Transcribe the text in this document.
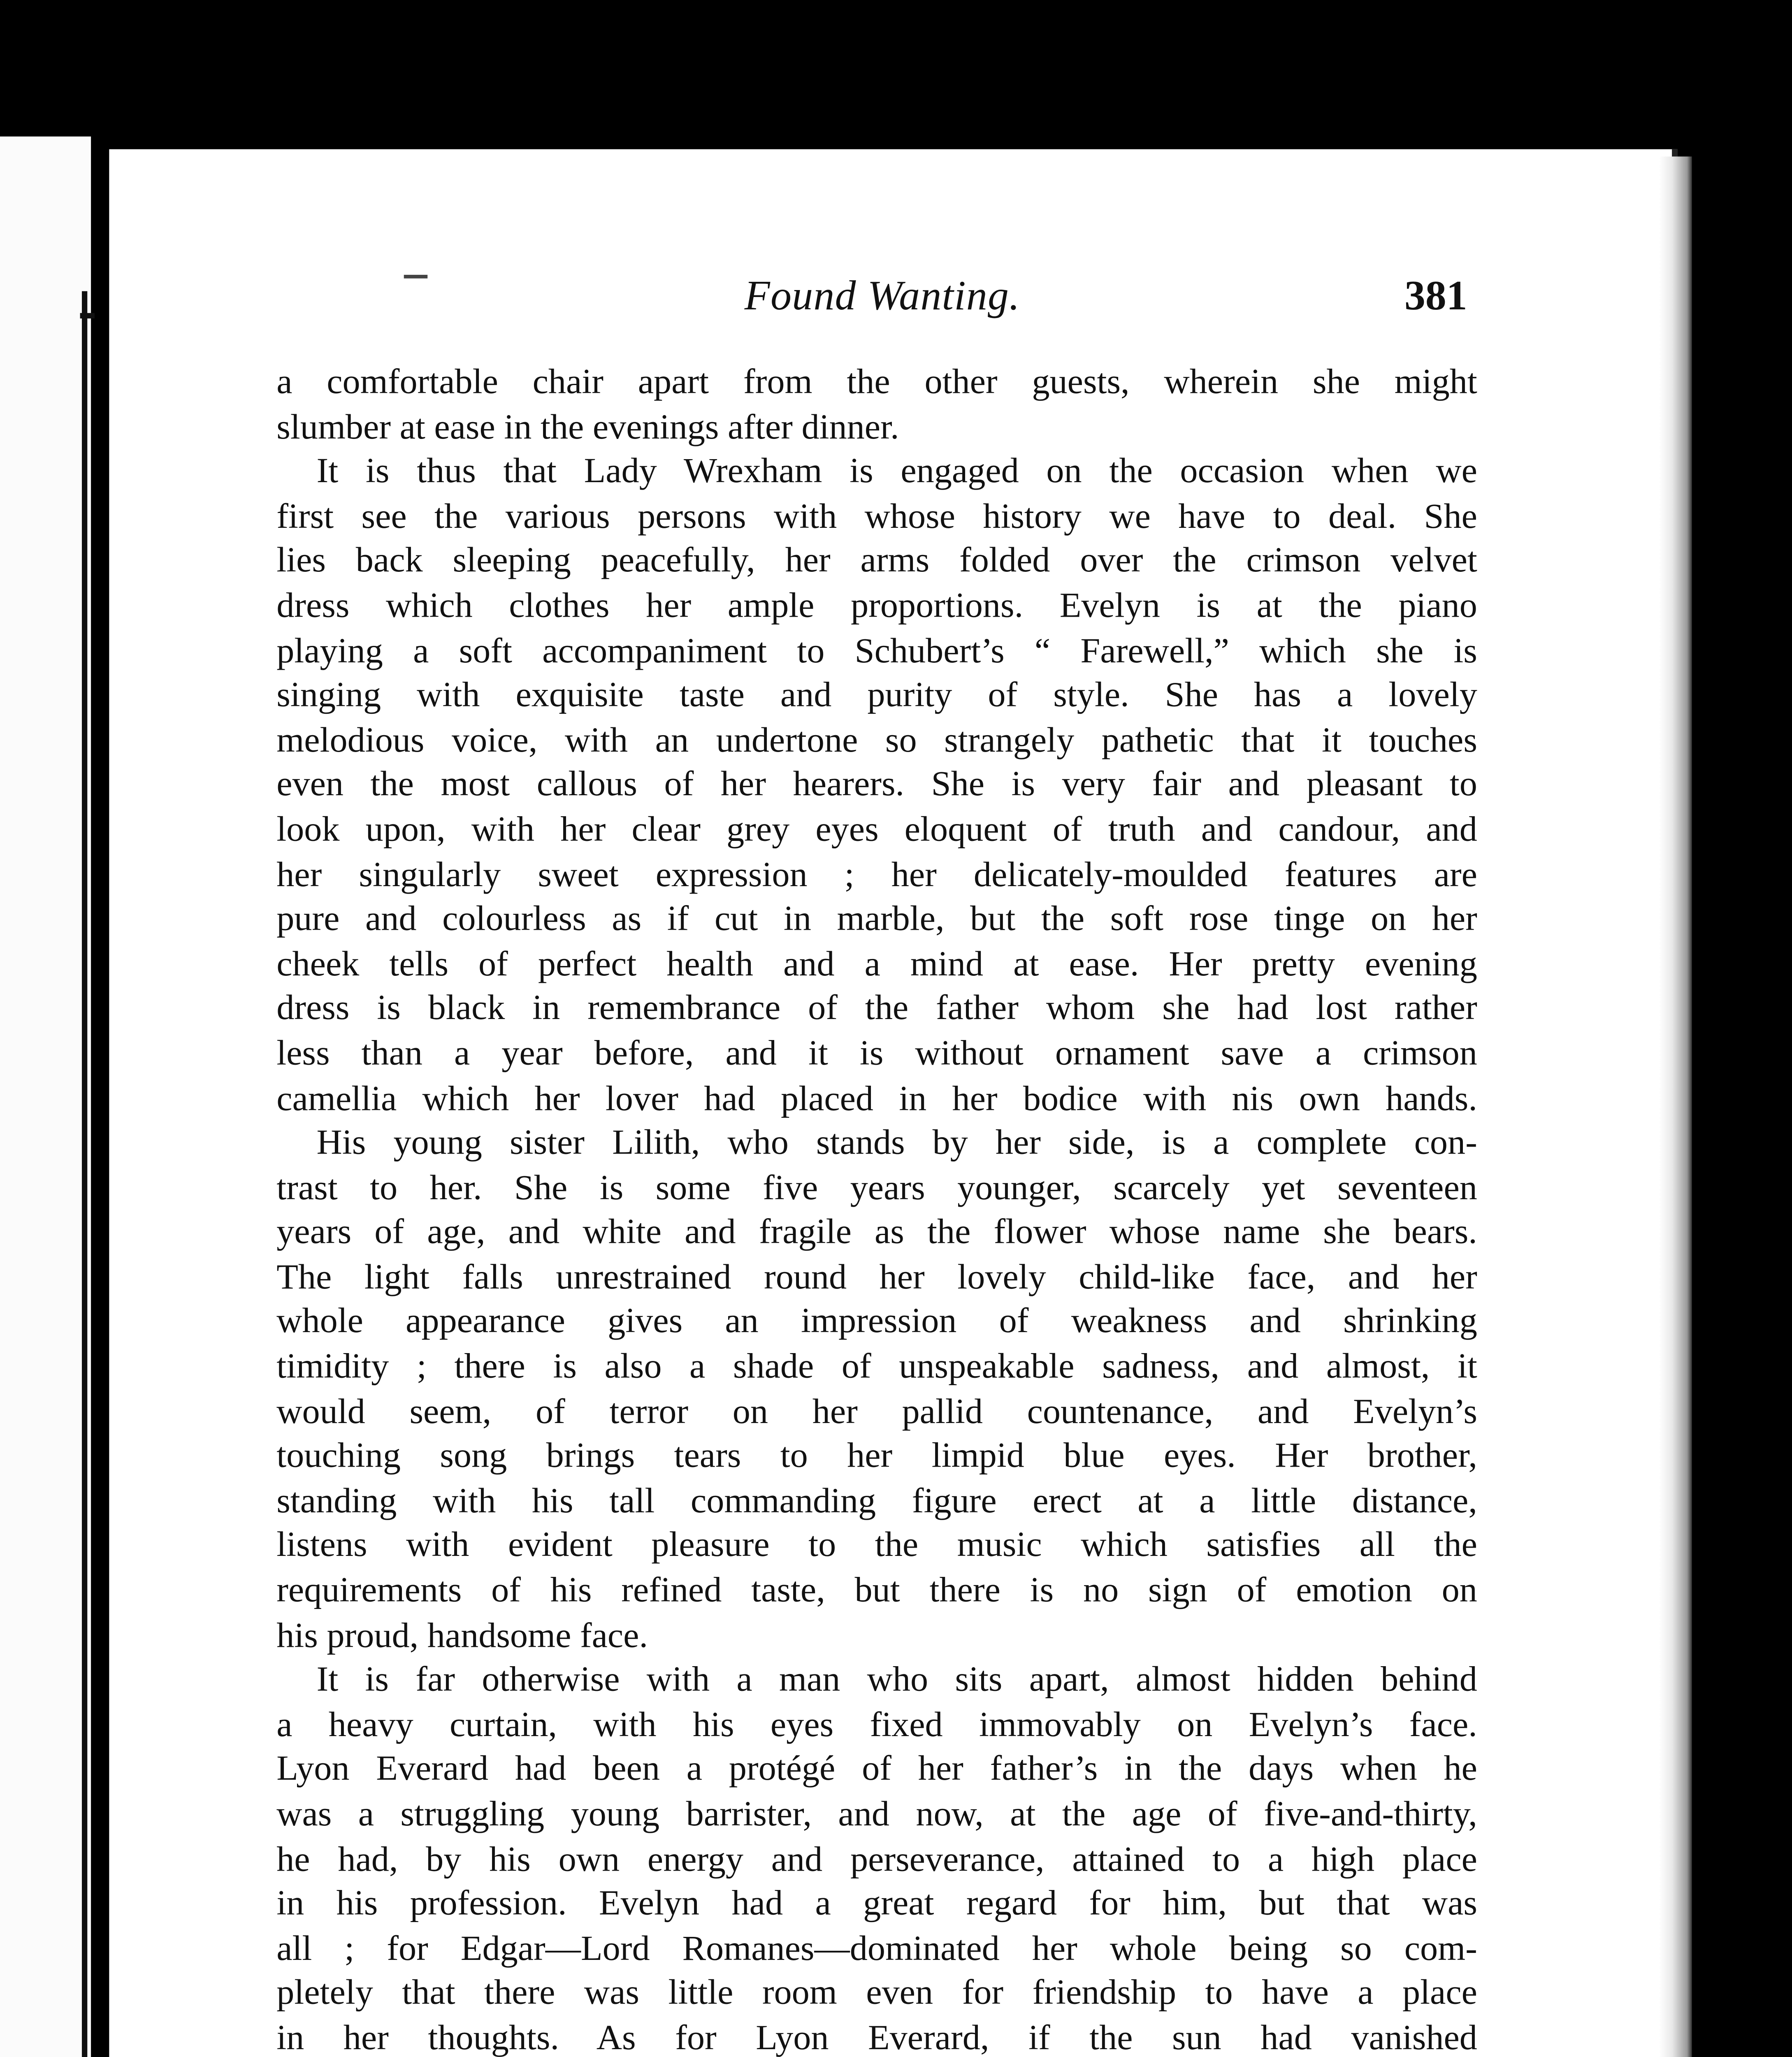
Found Wanting.	381
a comfortable chair apart from the other guests, wherein she might
slumber at ease in the evenings after dinner.
It is thus that Lady Wrexham is engaged on the occasion when we
first see the various persons with whose history we have to deal. She
lies back sleeping peacefully, her arms folded over the crimson velvet
dress which clothes her ample proportions. Evelyn is at the piano
playing a soft accompaniment to Schubert’s “ Farewell,” which she is
singing with exquisite taste and purity of style. She has a lovely
melodious voice, with an undertone so strangely pathetic that it touches
even the most callous of her hearers. She is very fair and pleasant to
look upon, with her clear grey eyes eloquent of truth and candour, and
her singularly sweet expression ; her delicately-moulded features are
pure and colourless as if cut in marble, but the soft rose tinge on her
cheek tells of perfect health and a mind at ease. Her pretty evening
dress is black in remembrance of the father whom she had lost rather
less than a year before, and it is without ornament save a crimson
camellia which her lover had placed in her bodice with nis own hands.
His young sister Lilith, who stands by her side, is a complete con-
trast to her. She is some five years younger, scarcely yet seventeen
years of age, and white and fragile as the flower whose name she bears.
The light falls unrestrained round her lovely child-like face, and her
whole appearance gives an impression of weakness and shrinking
timidity ; there is also a shade of unspeakable sadness, and almost, it
would seem, of terror on her pallid countenance, and Evelyn’s
touching song brings tears to her limpid blue eyes. Her brother,
standing with his tall commanding figure erect at a little distance,
listens with evident pleasure to the music which satisfies all the
requirements of his refined taste, but there is no sign of emotion on
his proud, handsome face.
It is far otherwise with a man who sits apart, almost hidden behind
a heavy curtain, with his eyes fixed immovably on Evelyn’s face.
Lyon Everard had been a protégé of her father’s in the days when he
was a struggling young barrister, and now, at the age of five-and-thirty,
he had, by his own energy and perseverance, attained to a high place
in his profession. Evelyn had a great regard for him, but that was
all ; for Edgar—Lord Romanes—dominated her whole being so com-
pletely that there was little room even for friendship to have a place
in her thoughts. As for Lyon Everard, if the sun had vanished
